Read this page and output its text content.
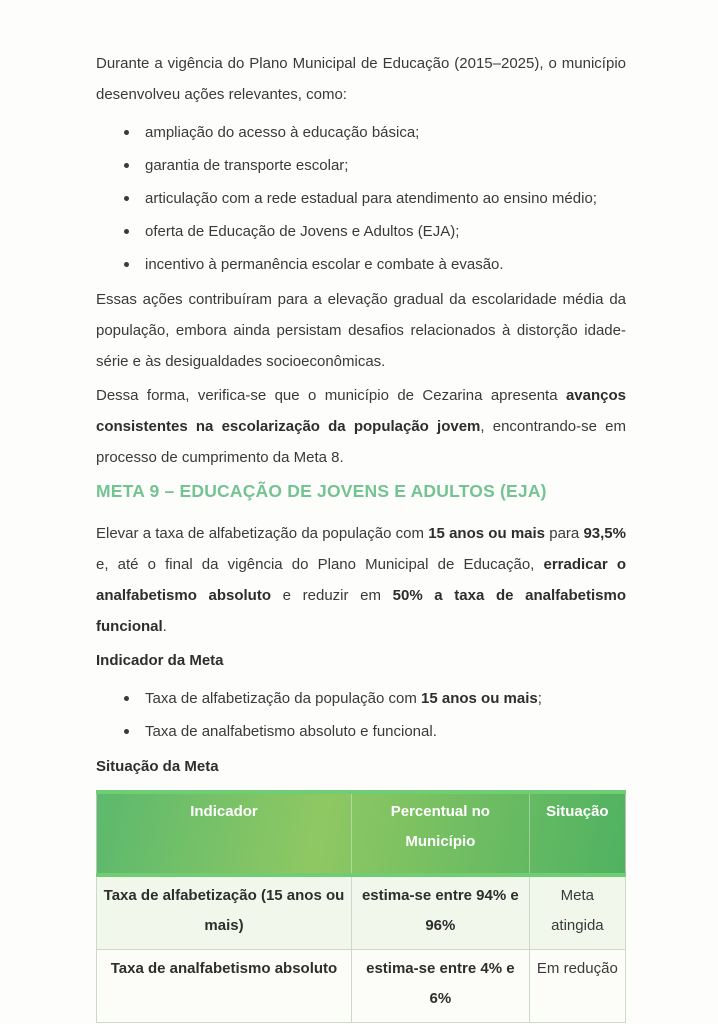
Durante a vigência do Plano Municipal de Educação (2015–2025), o município desenvolveu ações relevantes, como:

ampliação do acesso à educação básica;
garantia de transporte escolar;
articulação com a rede estadual para atendimento ao ensino médio;
oferta de Educação de Jovens e Adultos (EJA);
incentivo à permanência escolar e combate à evasão.

Essas ações contribuíram para a elevação gradual da escolaridade média da população, embora ainda persistam desafios relacionados à distorção idade-série e às desigualdades socioeconômicas.

Dessa forma, verifica-se que o município de Cezarina apresenta avanços consistentes na escolarização da população jovem, encontrando-se em processo de cumprimento da Meta 8.

META 9 – EDUCAÇÃO DE JOVENS E ADULTOS (EJA)

Elevar a taxa de alfabetização da população com 15 anos ou mais para 93,5% e, até o final da vigência do Plano Municipal de Educação, erradicar o analfabetismo absoluto e reduzir em 50% a taxa de analfabetismo funcional.

Indicador da Meta
Taxa de alfabetização da população com 15 anos ou mais;
Taxa de analfabetismo absoluto e funcional.
Situação da Meta
Indicador	Percentual no Município	Situação
Taxa de alfabetização (15 anos ou mais)	estima-se entre 94% e 96%	Meta atingida
Taxa de analfabetismo absoluto	estima-se entre 4% e 6%	Em redução
